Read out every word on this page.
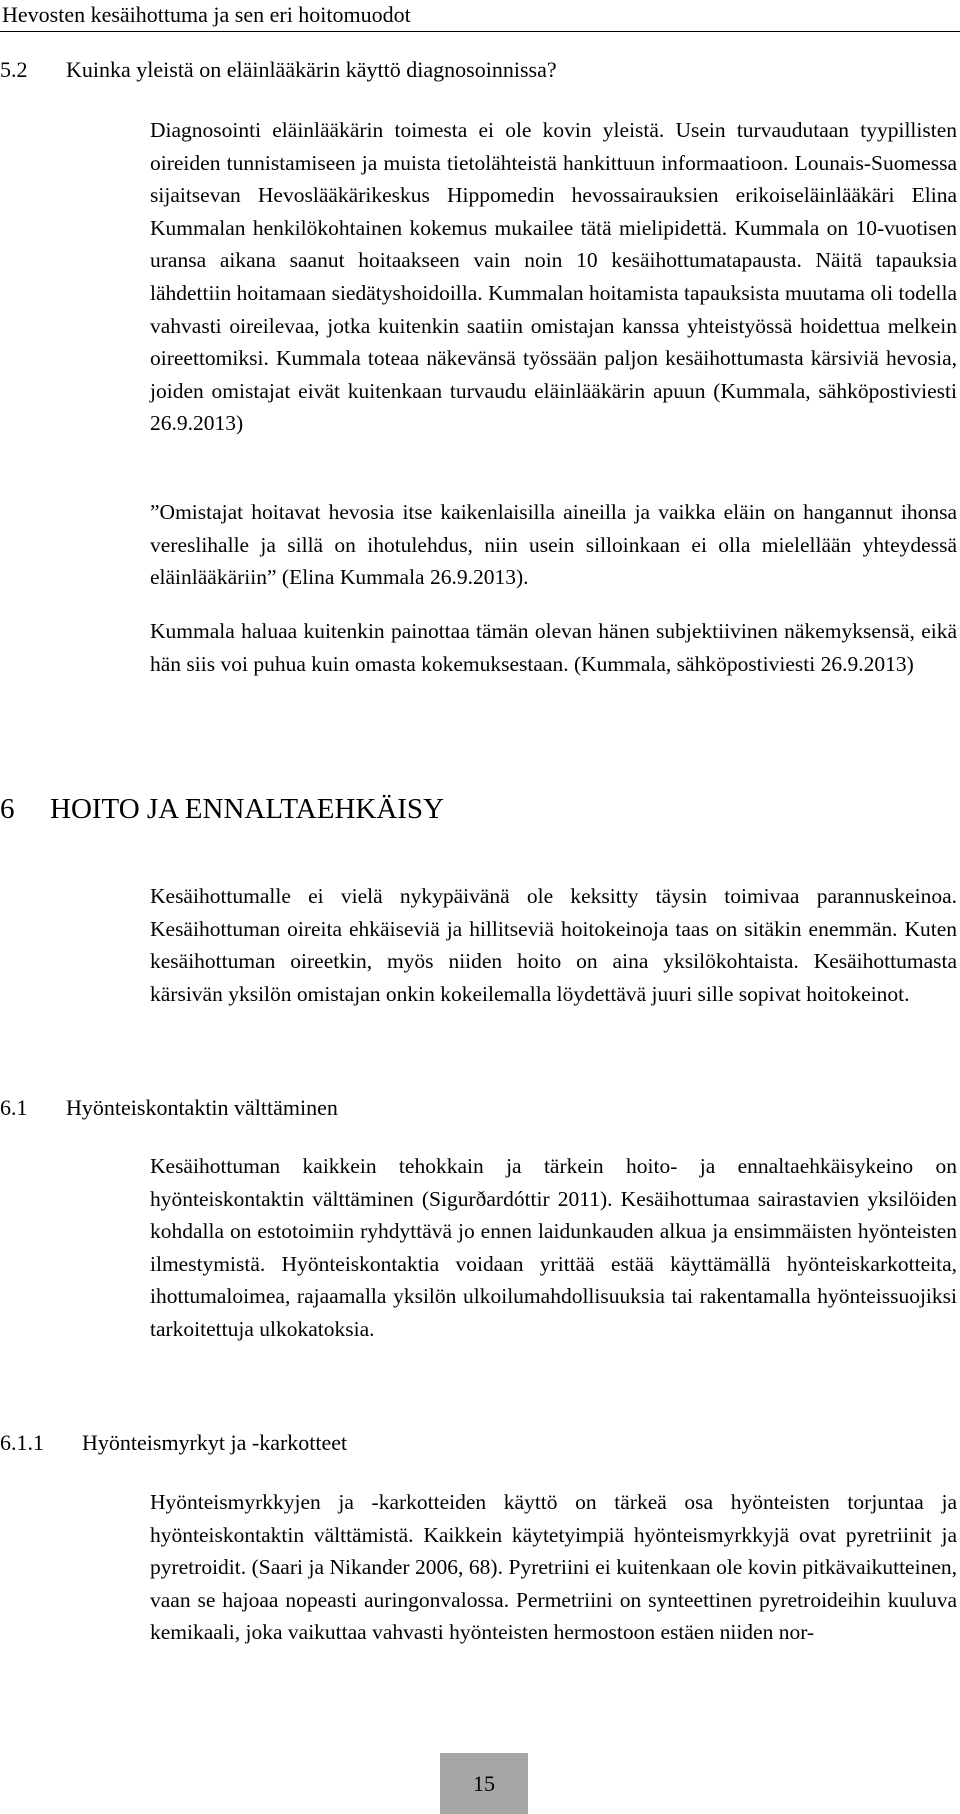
Hevosten kesäihottuma ja sen eri hoitomuodot
5.2 Kuinka yleistä on eläinlääkärin käyttö diagnosoinnissa?
Diagnosointi eläinlääkärin toimesta ei ole kovin yleistä. Usein turvaudutaan tyypillisten oireiden tunnistamiseen ja muista tietolähteistä hankittuun informaatioon. Lounais-Suomessa sijaitsevan Hevoslääkärikeskus Hippomedin hevossairauksien erikoiseläinlääkäri Elina Kummalan henkilökohtainen kokemus mukailee tätä mielipidettä. Kummala on 10-vuotisen uransa aikana saanut hoitaakseen vain noin 10 kesäihottumatapausta. Näitä tapauksia lähdettiin hoitamaan siedätyshoidoilla. Kummalan hoitamista tapauksista muutama oli todella vahvasti oireilevaa, jotka kuitenkin saatiin omistajan kanssa yhteistyössä hoidettua melkein oireettomiksi. Kummala toteaa näkevänsä työssään paljon kesäihottumasta kärsiviä hevosia, joiden omistajat eivät kuitenkaan turvaudu eläinlääkärin apuun (Kummala, sähköpostiviesti 26.9.2013)
”Omistajat hoitavat hevosia itse kaikenlaisilla aineilla ja vaikka eläin on hangannut ihonsa vereslihalle ja sillä on ihotulehdus, niin usein silloinkaan ei olla mielellään yhteydessä eläinlääkäriin” (Elina Kummala 26.9.2013).
Kummala haluaa kuitenkin painottaa tämän olevan hänen subjektiivinen näkemyksensä, eikä hän siis voi puhua kuin omasta kokemuksestaan. (Kummala, sähköpostiviesti 26.9.2013)
6 HOITO JA ENNALTAEHKÄISY
Kesäihottumalle ei vielä nykypäivänä ole keksitty täysin toimivaa parannuskeinoa. Kesäihottuman oireita ehkäiseviä ja hillitseviä hoitokeinoja taas on sitäkin enemmän. Kuten kesäihottuman oireetkin, myös niiden hoito on aina yksilökohtaista. Kesäihottumasta kärsivän yksilön omistajan onkin kokeilemalla löydettävä juuri sille sopivat hoitokeinot.
6.1 Hyönteiskontaktin välttäminen
Kesäihottuman kaikkein tehokkain ja tärkein hoito- ja ennaltaehkäisykeino on hyönteiskontaktin välttäminen (Sigurðardóttir 2011). Kesäihottumaa sairastavien yksilöiden kohdalla on estotoimiin ryhdyttävä jo ennen laidunkauden alkua ja ensimmäisten hyönteisten ilmestymistä. Hyönteiskontaktia voidaan yrittää estää käyttämällä hyönteiskarkotteita, ihottumaloimea, rajaamalla yksilön ulkoilumahdollisuuksia tai rakentamalla hyönteissuojiksi tarkoitettuja ulkokatoksia.
6.1.1 Hyönteismyrkyt ja -karkotteet
Hyönteismyrkkyjen ja -karkotteiden käyttö on tärkeä osa hyönteisten torjuntaa ja hyönteiskontaktin välttämistä. Kaikkein käytetyimpiä hyönteismyrkkyjä ovat pyretriinit ja pyretroidit. (Saari ja Nikander 2006, 68). Pyretriini ei kuitenkaan ole kovin pitkävaikutteinen, vaan se hajoaa nopeasti auringonvalossa. Permetriini on synteettinen pyretroideihin kuuluva kemikaali, joka vaikuttaa vahvasti hyönteisten hermostoon estäen niiden nor-
15
